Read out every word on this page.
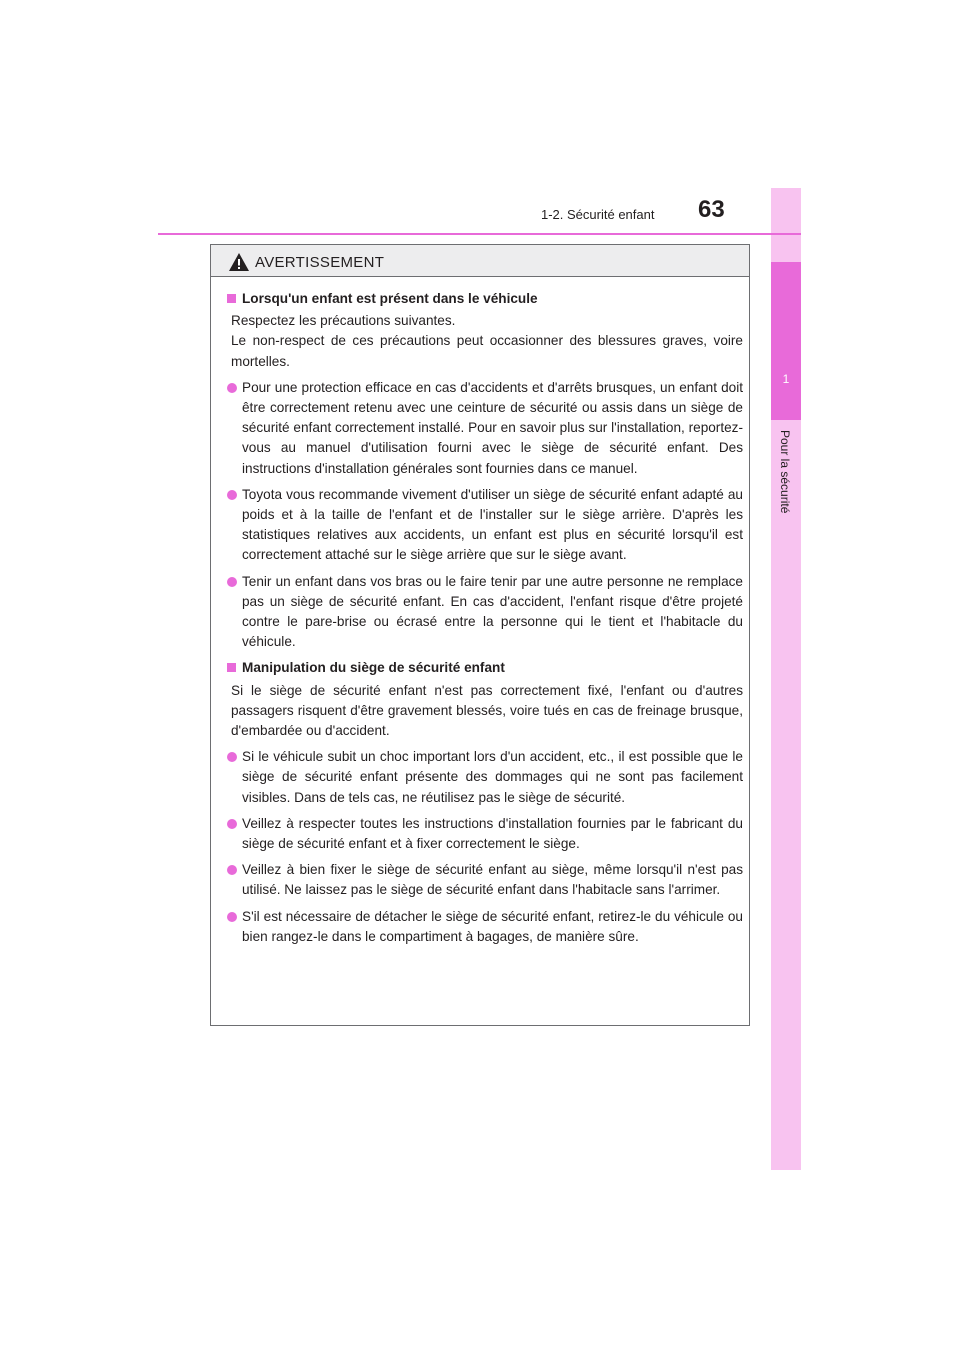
1
Pour la sécurité
1-2. Sécurité enfant 63
AVERTISSEMENT
Lorsqu'un enfant est présent dans le véhicule
Respectez les précautions suivantes.
Le non-respect de ces précautions peut occasionner des blessures graves, voire mortelles.
Pour une protection efficace en cas d'accidents et d'arrêts brusques, un enfant doit être correctement retenu avec une ceinture de sécurité ou assis dans un siège de sécurité enfant correctement installé. Pour en savoir plus sur l'installation, reportez-vous au manuel d'utilisation fourni avec le siège de sécurité enfant. Des instructions d'installation générales sont fournies dans ce manuel.
Toyota vous recommande vivement d'utiliser un siège de sécurité enfant adapté au poids et à la taille de l'enfant et de l'installer sur le siège arrière. D'après les statistiques relatives aux accidents, un enfant est plus en sécurité lorsqu'il est correctement attaché sur le siège arrière que sur le siège avant.
Tenir un enfant dans vos bras ou le faire tenir par une autre personne ne remplace pas un siège de sécurité enfant. En cas d'accident, l'enfant risque d'être projeté contre le pare-brise ou écrasé entre la personne qui le tient et l'habitacle du véhicule.
Manipulation du siège de sécurité enfant
Si le siège de sécurité enfant n'est pas correctement fixé, l'enfant ou d'autres passagers risquent d'être gravement blessés, voire tués en cas de freinage brusque, d'embardée ou d'accident.
Si le véhicule subit un choc important lors d'un accident, etc., il est possible que le siège de sécurité enfant présente des dommages qui ne sont pas facilement visibles. Dans de tels cas, ne réutilisez pas le siège de sécurité.
Veillez à respecter toutes les instructions d'installation fournies par le fabricant du siège de sécurité enfant et à fixer correctement le siège.
Veillez à bien fixer le siège de sécurité enfant au siège, même lorsqu'il n'est pas utilisé. Ne laissez pas le siège de sécurité enfant dans l'habitacle sans l'arrimer.
S'il est nécessaire de détacher le siège de sécurité enfant, retirez-le du véhicule ou bien rangez-le dans le compartiment à bagages, de manière sûre.
